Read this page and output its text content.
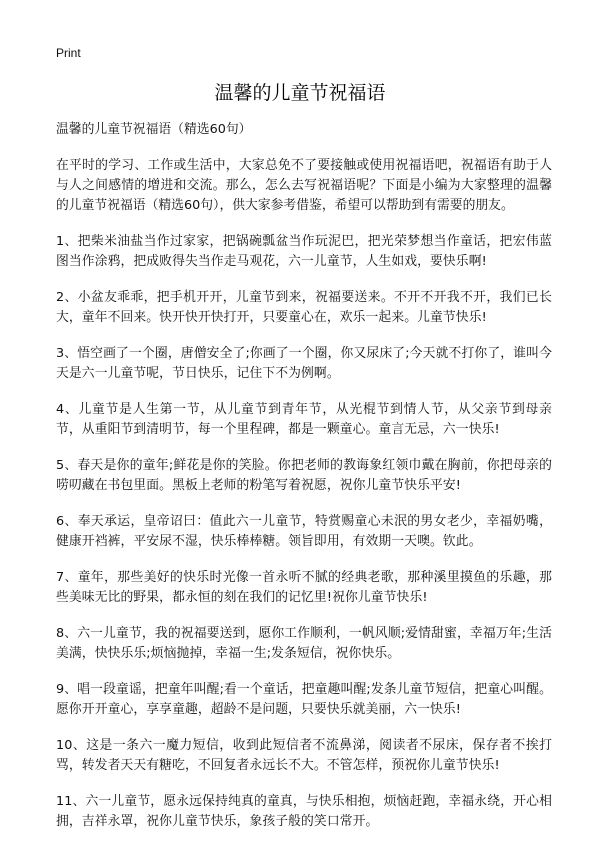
Print
温馨的儿童节祝福语

温馨的儿童节祝福语（精选60句）

在平时的学习、工作或生活中，大家总免不了要接触或使用祝福语吧，祝福语有助于人与人之间感情的增进和交流。那么，怎么去写祝福语呢？下面是小编为大家整理的温馨的儿童节祝福语（精选60句），供大家参考借鉴，希望可以帮助到有需要的朋友。

1、把柴米油盐当作过家家，把锅碗瓢盆当作玩泥巴，把光荣梦想当作童话，把宏伟蓝图当作涂鸦，把成败得失当作走马观花，六一儿童节，人生如戏，要快乐啊!

2、小盆友乖乖，把手机开开，儿童节到来，祝福要送来。不开不开我不开，我们已长大，童年不回来。快开快开快打开，只要童心在，欢乐一起来。儿童节快乐!

3、悟空画了一个圈，唐僧安全了;你画了一个圈，你又尿床了;今天就不打你了，谁叫今天是六一儿童节呢，节日快乐，记住下不为例啊。

4、儿童节是人生第一节，从儿童节到青年节，从光棍节到情人节，从父亲节到母亲节，从重阳节到清明节，每一个里程碑，都是一颗童心。童言无忌，六一快乐!

5、春天是你的童年;鲜花是你的笑脸。你把老师的教诲象红领巾戴在胸前，你把母亲的唠叨藏在书包里面。黑板上老师的粉笔写着祝愿，祝你儿童节快乐平安!

6、奉天承运，皇帝诏曰：值此六一儿童节，特赏赐童心未泯的男女老少，幸福奶嘴，健康开裆裤，平安尿不湿，快乐棒棒糖。领旨即用，有效期一天噢。钦此。

7、童年，那些美好的快乐时光像一首永听不腻的经典老歌，那种溪里摸鱼的乐趣，那些美味无比的野果，都永恒的刻在我们的记忆里!祝你儿童节快乐!

8、六一儿童节，我的祝福要送到，愿你工作顺利，一帆风顺;爱情甜蜜，幸福万年;生活美满，快快乐乐;烦恼抛掉，幸福一生;发条短信，祝你快乐。

9、唱一段童谣，把童年叫醒;看一个童话，把童趣叫醒;发条儿童节短信，把童心叫醒。愿你开开童心，享享童趣，超龄不是问题，只要快乐就美丽，六一快乐!

10、这是一条六一魔力短信，收到此短信者不流鼻涕，阅读者不尿床，保存者不挨打骂，转发者天天有糖吃，不回复者永远长不大。不管怎样，预祝你儿童节快乐!

11、六一儿童节，愿永远保持纯真的童真，与快乐相抱，烦恼赶跑，幸福永绕，开心相拥，吉祥永罩，祝你儿童节快乐，象孩子般的笑口常开。
